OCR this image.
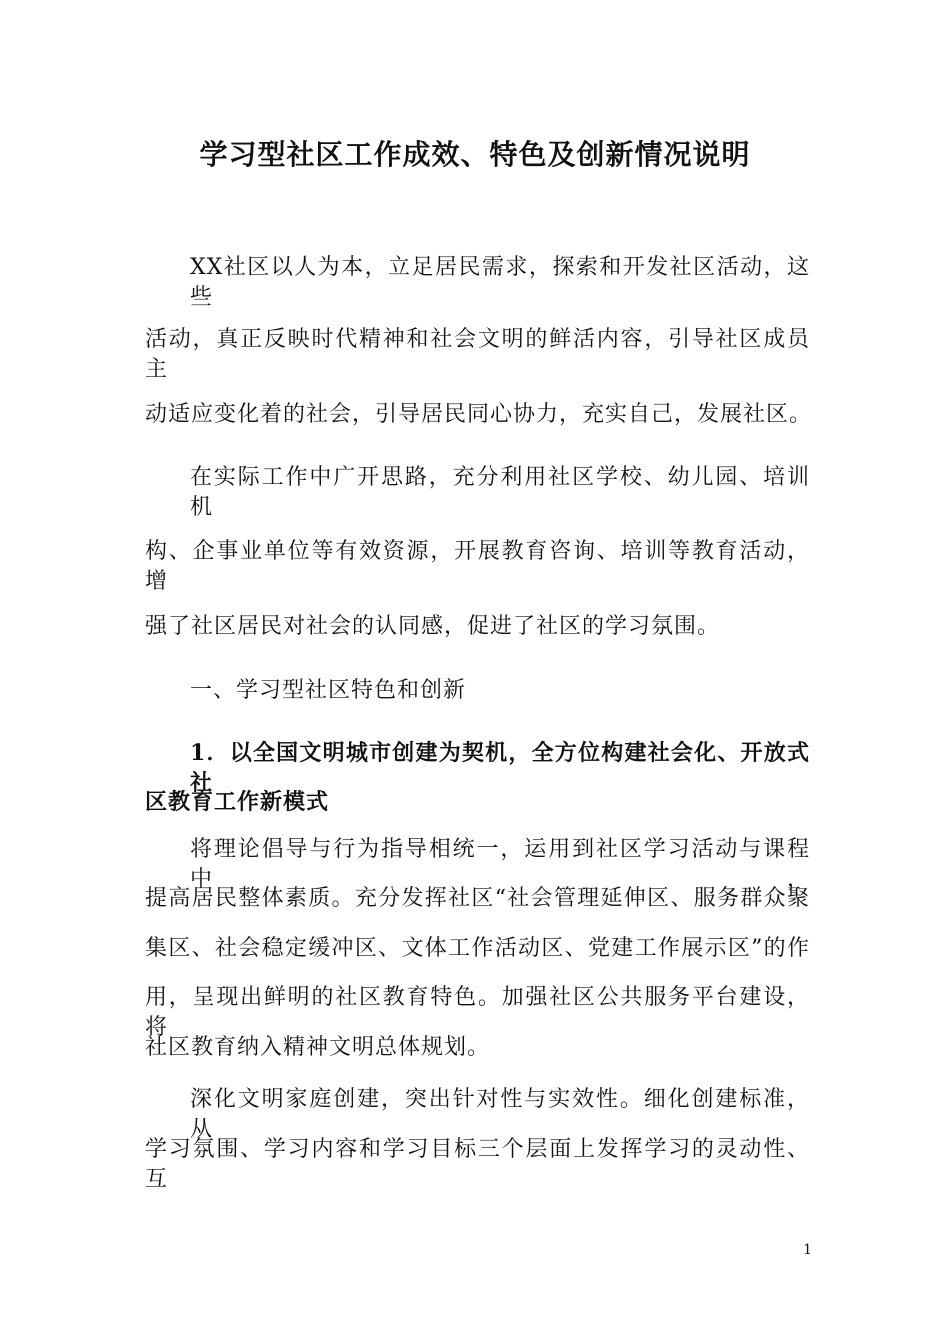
学习型社区工作成效、特色及创新情况说明
XX社区以人为本，立足居民需求，探索和开发社区活动，这些
活动，真正反映时代精神和社会文明的鲜活内容，引导社区成员主
动适应变化着的社会，引导居民同心协力，充实自己，发展社区。
在实际工作中广开思路，充分利用社区学校、幼儿园、培训机
构、企事业单位等有效资源，开展教育咨询、培训等教育活动，增
强了社区居民对社会的认同感，促进了社区的学习氛围。
一、学习型社区特色和创新
1．以全国文明城市创建为契机，全方位构建社会化、开放式社
区教育工作新模式
将理论倡导与行为指导相统一，运用到社区学习活动与课程中，
提高居民整体素质。充分发挥社区“社会管理延伸区、服务群众聚
集区、社会稳定缓冲区、文体工作活动区、党建工作展示区”的作
用，呈现出鲜明的社区教育特色。加强社区公共服务平台建设，将
社区教育纳入精神文明总体规划。
深化文明家庭创建，突出针对性与实效性。细化创建标准，从
学习氛围、学习内容和学习目标三个层面上发挥学习的灵动性、互
1
